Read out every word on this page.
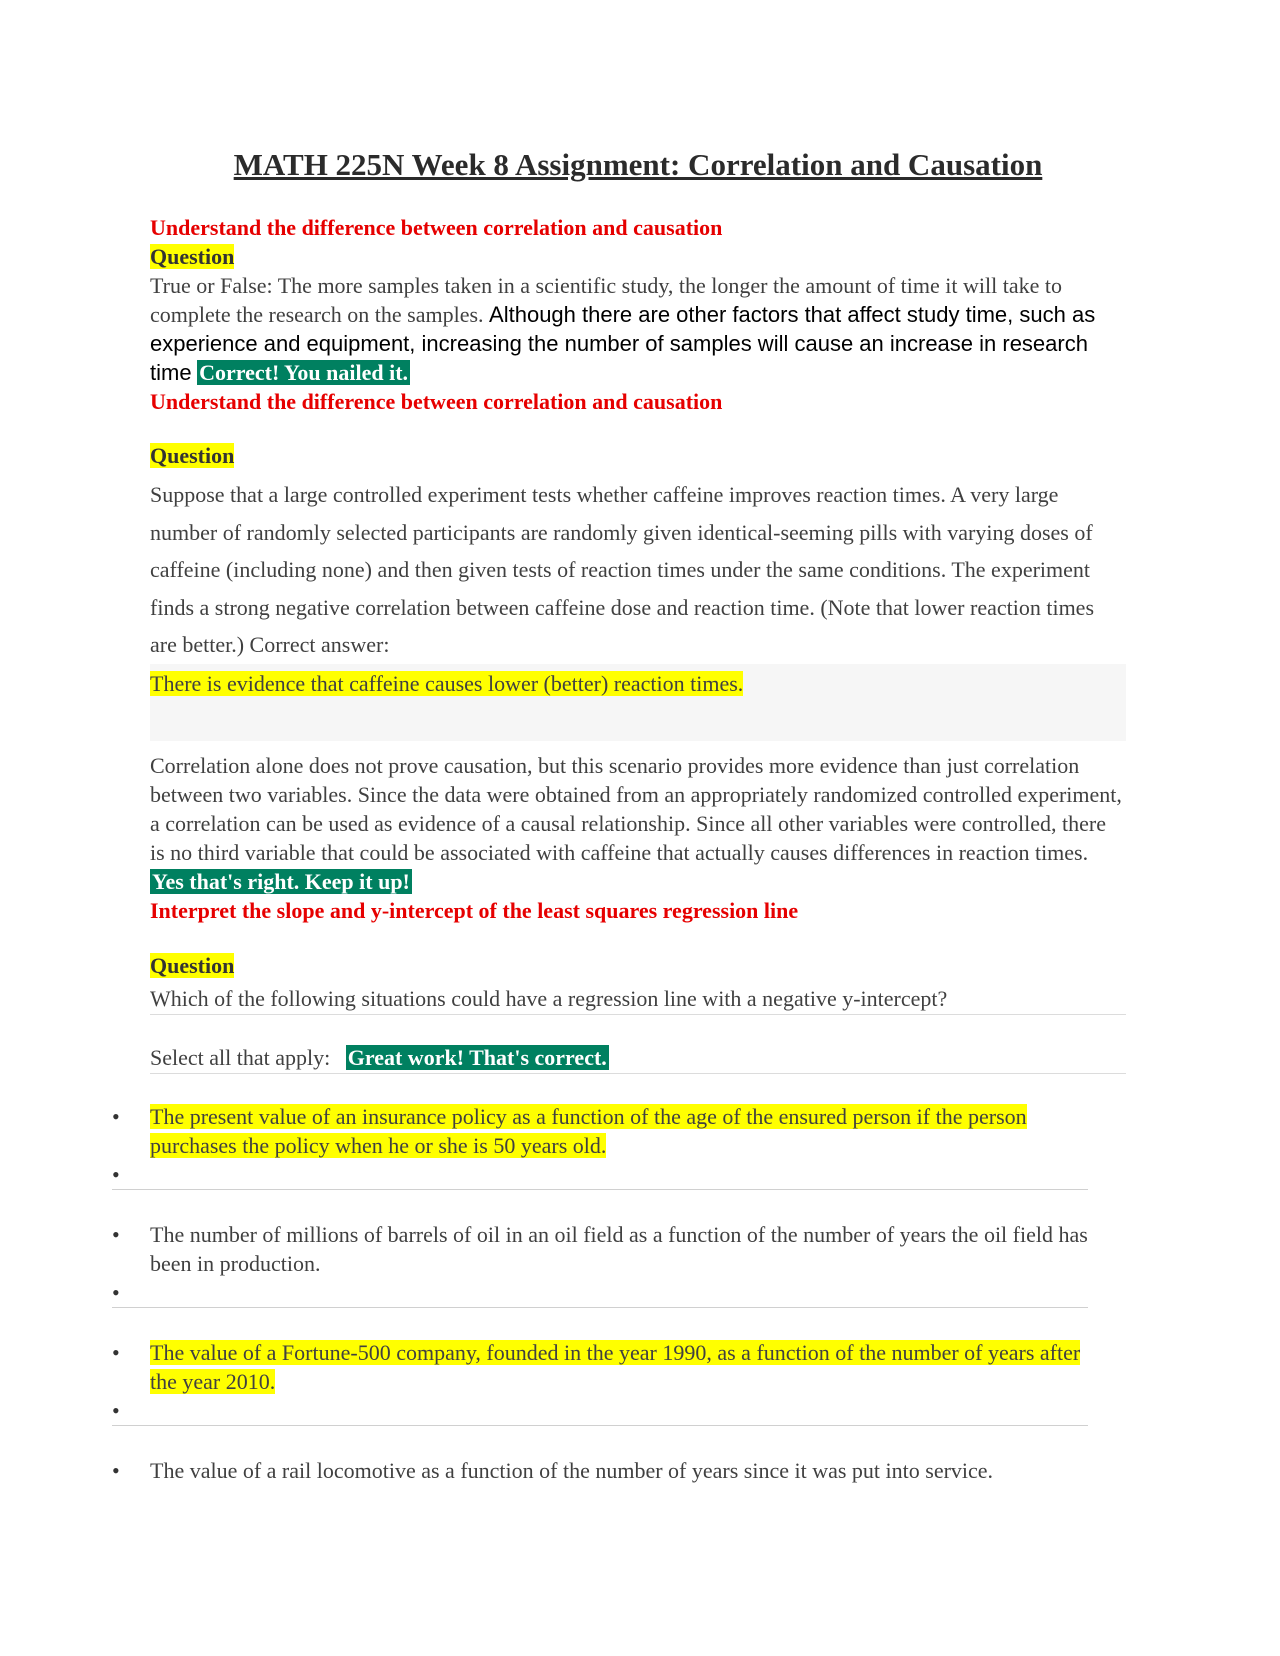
MATH 225N Week 8 Assignment: Correlation and Causation
Understand the difference between correlation and causation
Question
True or False: The more samples taken in a scientific study, the longer the amount of time it will take to complete the research on the samples. Although there are other factors that affect study time, such as experience and equipment, increasing the number of samples will cause an increase in research time Correct! You nailed it.
Understand the difference between correlation and causation
Question
Suppose that a large controlled experiment tests whether caffeine improves reaction times. A very large number of randomly selected participants are randomly given identical-seeming pills with varying doses of caffeine (including none) and then given tests of reaction times under the same conditions. The experiment finds a strong negative correlation between caffeine dose and reaction time. (Note that lower reaction times are better.) Correct answer:
There is evidence that caffeine causes lower (better) reaction times.
Correlation alone does not prove causation, but this scenario provides more evidence than just correlation between two variables. Since the data were obtained from an appropriately randomized controlled experiment, a correlation can be used as evidence of a causal relationship. Since all other variables were controlled, there is no third variable that could be associated with caffeine that actually causes differences in reaction times. Yes that's right. Keep it up!
Interpret the slope and y-intercept of the least squares regression line
Question
Which of the following situations could have a regression line with a negative y-intercept?
Select all that apply: Great work! That's correct.
•	The present value of an insurance policy as a function of the age of the ensured person if the person purchases the policy when he or she is 50 years old.
•

•	The number of millions of barrels of oil in an oil field as a function of the number of years the oil field has been in production.
•

•	The value of a Fortune-500 company, founded in the year 1990, as a function of the number of years after the year 2010.
•

•	The value of a rail locomotive as a function of the number of years since it was put into service.
